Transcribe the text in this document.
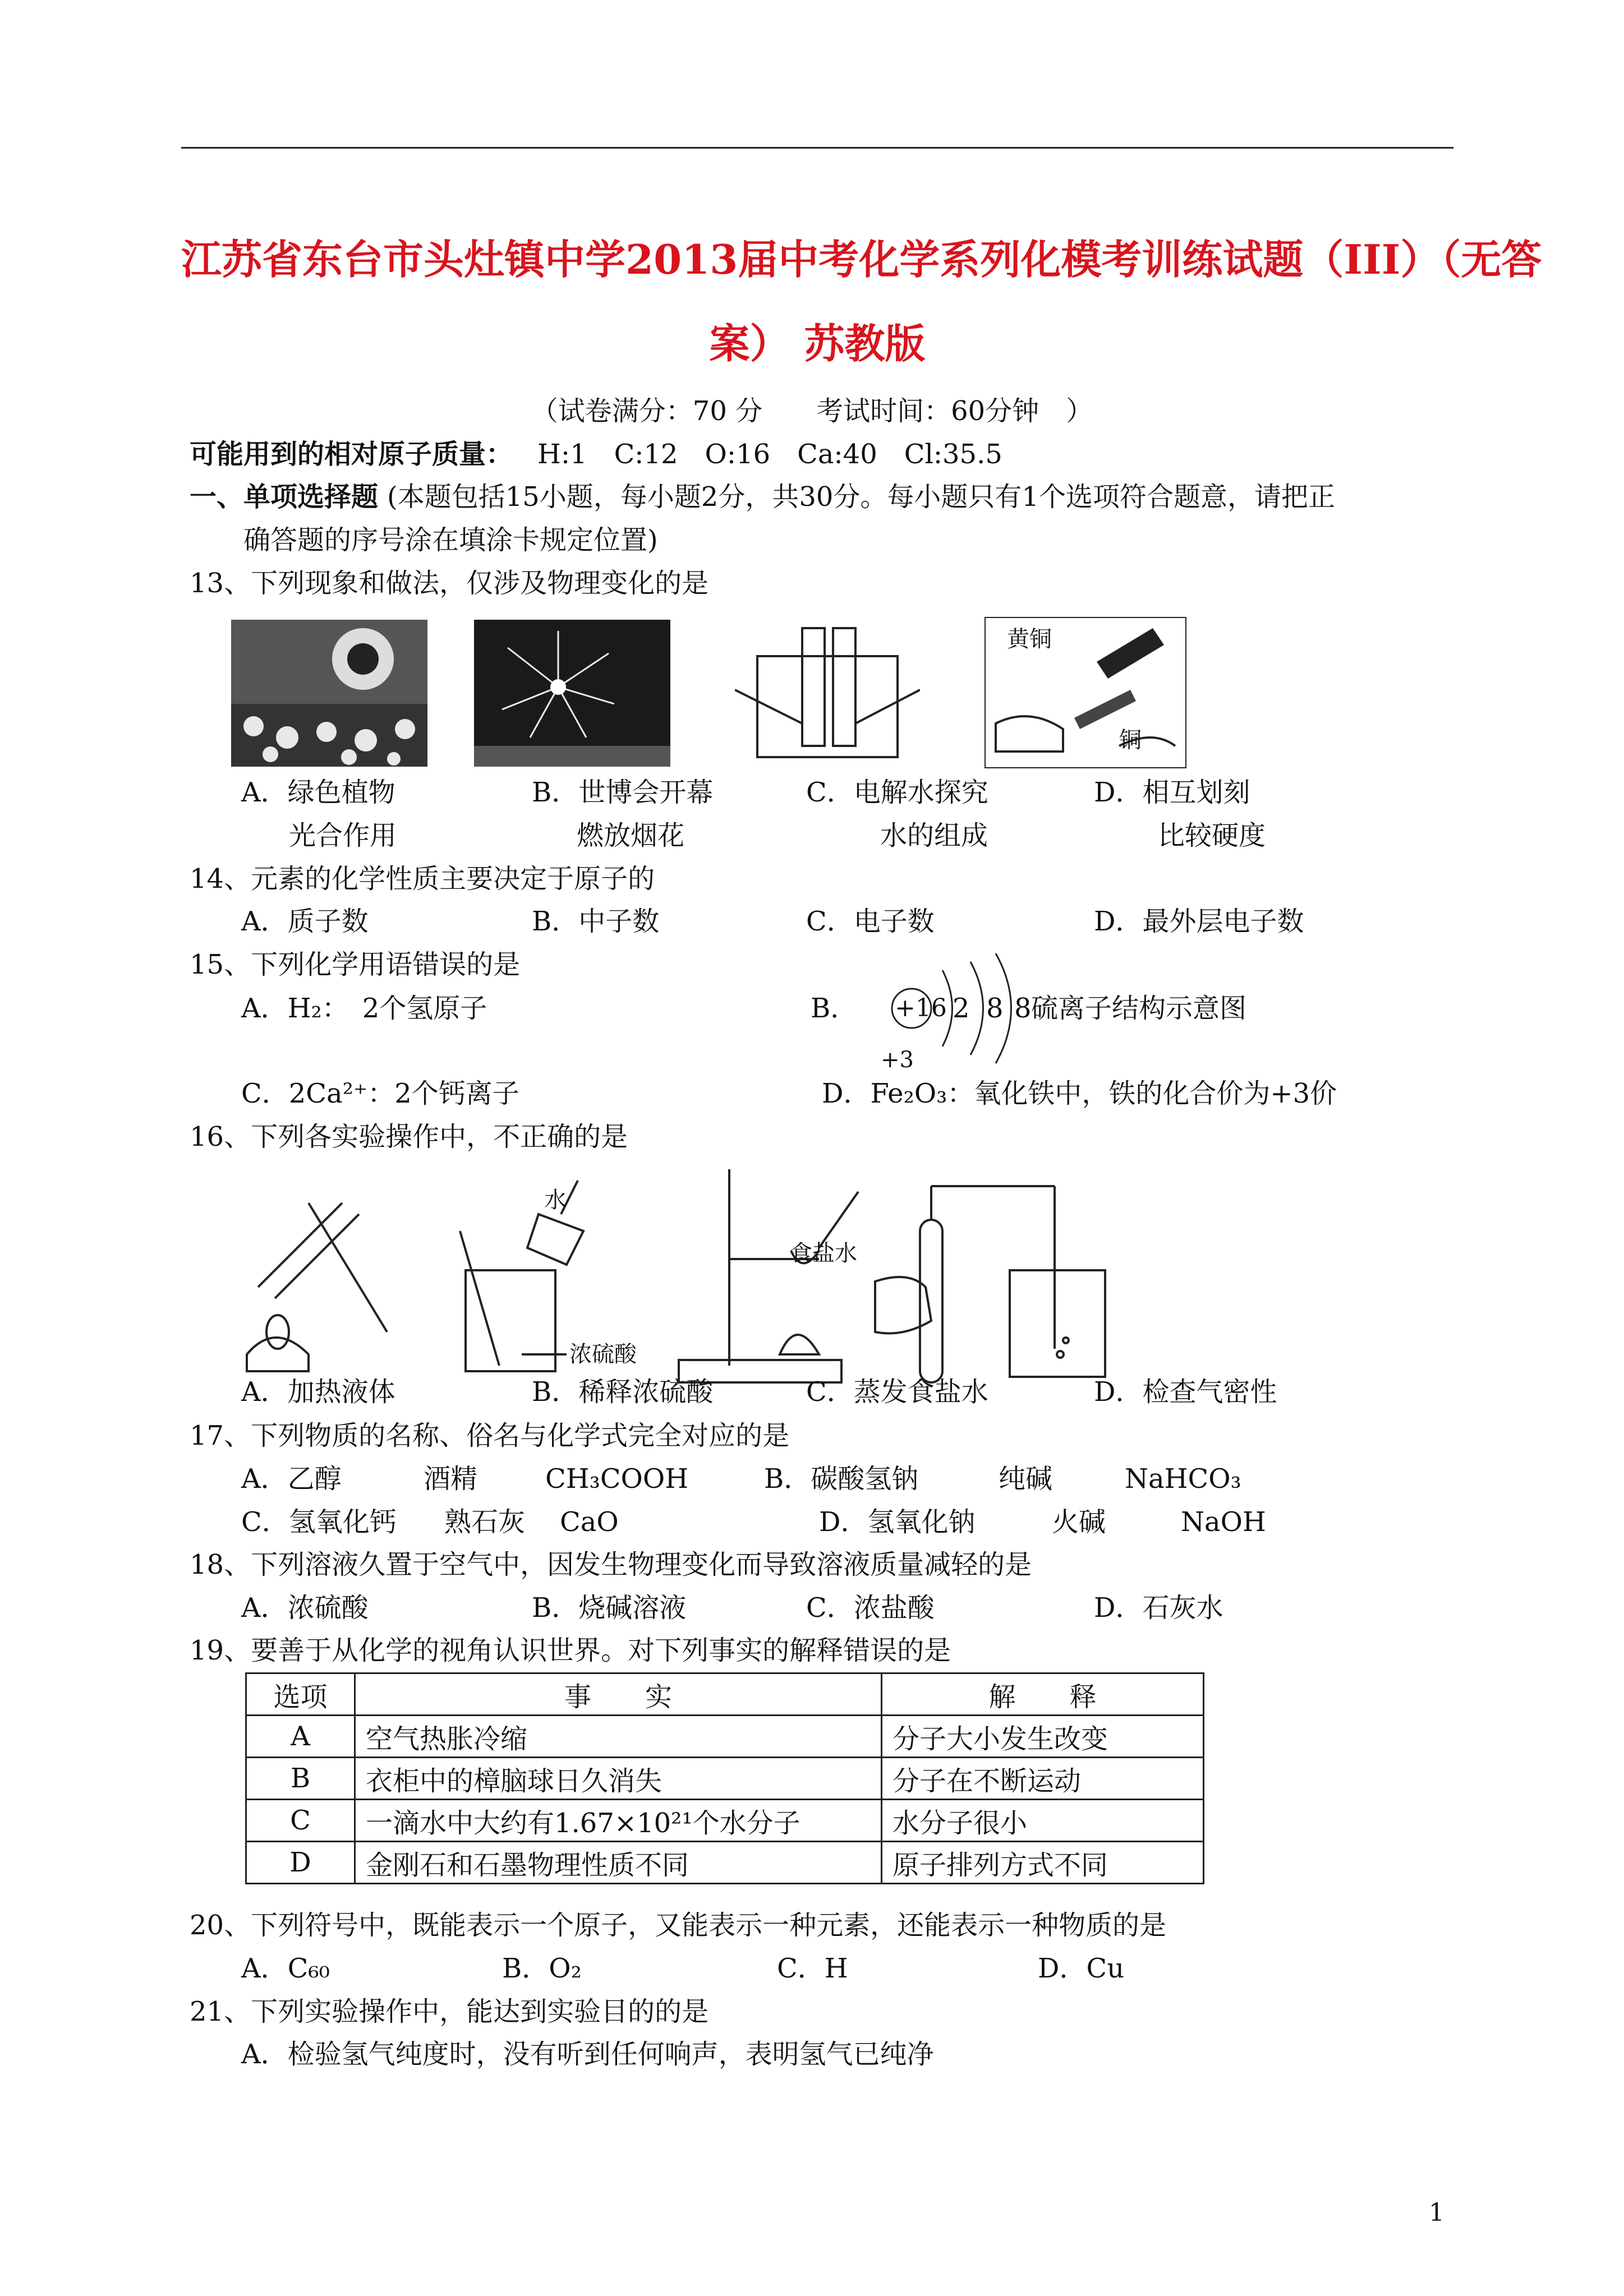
江苏省东台市头灶镇中学2013届中考化学系列化模考训练试题（III）（无答
案） 苏教版
（试卷满分：70 分　　考试时间：60分钟　）
可能用到的相对原子质量： H:1　C:12　O:16　Ca:40　Cl:35.5
一、单项选择题 (本题包括15小题，每小题2分，共30分。每小题只有1个选项符合题意，请把正
确答题的序号涂在填涂卡规定位置)
13、下列现象和做法，仅涉及物理变化的是
黄铜
铜
A．绿色植物
光合作用
B．世博会开幕
燃放烟花
C．电解水探究
水的组成
D．相互划刻
比较硬度
14、元素的化学性质主要决定于原子的
A．质子数	B．中子数	C．电子数	D．最外层电子数
15、下列化学用语错误的是
A．H₂：　2个氢原子	B． +16 2 8 8 硫离子结构示意图
+3
C．2Ca²⁺：2个钙离子	D．Fe₂O₃：氧化铁中，铁的化合价为+3价
16、下列各实验操作中，不正确的是
水
浓硫酸
食盐水
A．加热液体	B．稀释浓硫酸	C．蒸发食盐水	D．检查气密性
17、下列物质的名称、俗名与化学式完全对应的是
A．乙醇	酒精	CH₃COOH	B．碳酸氢钠	纯碱	NaHCO₃
C．氢氧化钙 熟石灰 CaO	D．氢氧化钠	火碱	NaOH
18、下列溶液久置于空气中，因发生物理变化而导致溶液质量减轻的是
A．浓硫酸	B．烧碱溶液	C．浓盐酸	D．石灰水
19、要善于从化学的视角认识世界。对下列事实的解释错误的是
选项	事　　实	解　　释
A	空气热胀冷缩	分子大小发生改变
B	衣柜中的樟脑球日久消失	分子在不断运动
C	一滴水中大约有1.67×10²¹个水分子	水分子很小
D	金刚石和石墨物理性质不同	原子排列方式不同
20、下列符号中，既能表示一个原子，又能表示一种元素，还能表示一种物质的是
A．C₆₀	B．O₂	C．H	D．Cu
21、下列实验操作中，能达到实验目的的是
A．检验氢气纯度时，没有听到任何响声，表明氢气已纯净
1
